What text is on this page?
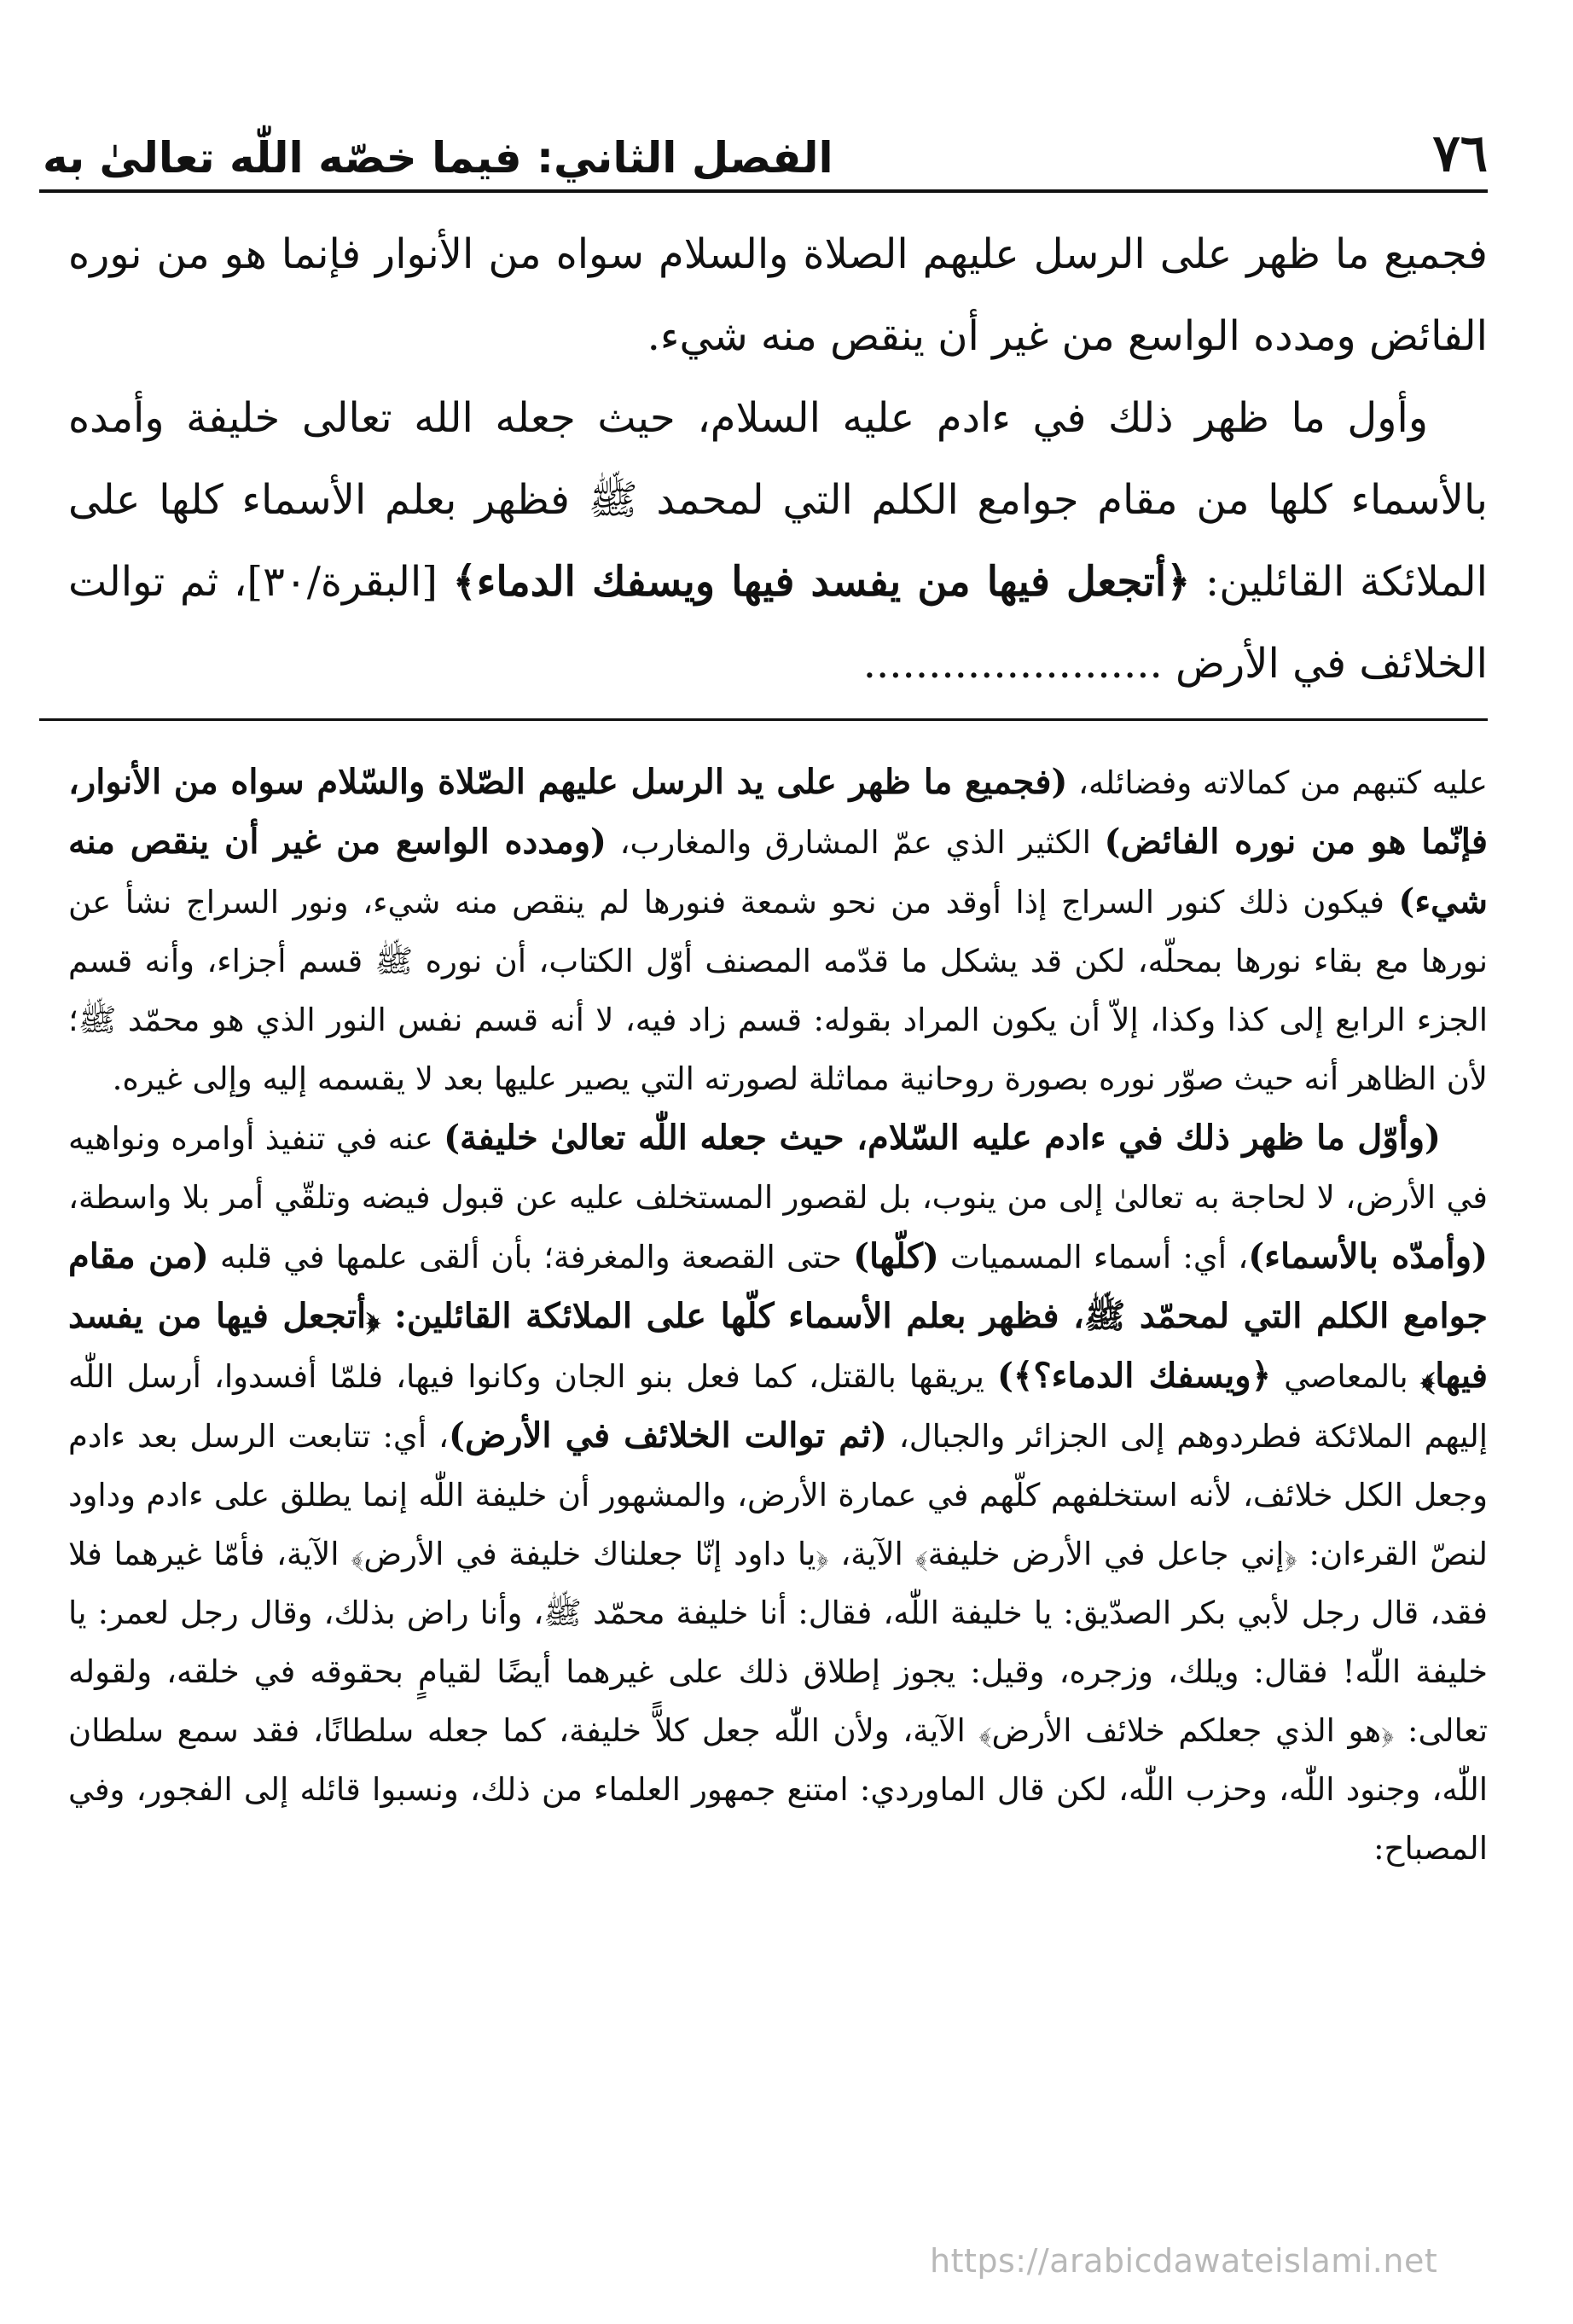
٧٦
الفصل الثاني: فيما خصّه اللّٰه تعالىٰ به

فجميع ما ظهر على الرسل عليهم الصلاة والسلام سواه من الأنوار فإنما هو من نوره الفائض ومدده الواسع من غير أن ينقص منه شيء.

وأول ما ظهر ذلك في ءادم عليه السلام، حيث جعله الله تعالى خليفة وأمده بالأسماء كلها من مقام جوامع الكلم التي لمحمد ﷺ فظهر بعلم الأسماء كلها على الملائكة القائلين: ﴿أتجعل فيها من يفسد فيها ويسفك الدماء﴾ [البقرة/٣٠]، ثم توالت الخلائف في الأرض .......................

عليه كتبهم من كمالاته وفضائله، (فجميع ما ظهر على يد الرسل عليهم الصّلاة والسّلام سواه من الأنوار، فإنّما هو من نوره الفائض) الكثير الذي عمّ المشارق والمغارب، (ومدده الواسع من غير أن ينقص منه شيء) فيكون ذلك كنور السراج إذا أوقد من نحو شمعة فنورها لم ينقص منه شيء، ونور السراج نشأ عن نورها مع بقاء نورها بمحلّه، لكن قد يشكل ما قدّمه المصنف أوّل الكتاب، أن نوره ﷺ قسم أجزاء، وأنه قسم الجزء الرابع إلى كذا وكذا، إلاّ أن يكون المراد بقوله: قسم زاد فيه، لا أنه قسم نفس النور الذي هو محمّد ﷺ؛ لأن الظاهر أنه حيث صوّر نوره بصورة روحانية مماثلة لصورته التي يصير عليها بعد لا يقسمه إليه وإلى غيره.

(وأوّل ما ظهر ذلك في ءادم عليه السّلام، حيث جعله اللّٰه تعالىٰ خليفة) عنه في تنفيذ أوامره ونواهيه في الأرض، لا لحاجة به تعالىٰ إلى من ينوب، بل لقصور المستخلف عليه عن قبول فيضه وتلقّي أمر بلا واسطة، (وأمدّه بالأسماء)، أي: أسماء المسميات (كلّها) حتى القصعة والمغرفة؛ بأن ألقى علمها في قلبه (من مقام جوامع الكلم التي لمحمّد ﷺ، فظهر بعلم الأسماء كلّها على الملائكة القائلين: ﴿أتجعل فيها من يفسد فيها﴾ بالمعاصي ﴿ويسفك الدماء؟﴾) يريقها بالقتل، كما فعل بنو الجان وكانوا فيها، فلمّا أفسدوا، أرسل اللّٰه إليهم الملائكة فطردوهم إلى الجزائر والجبال، (ثم توالت الخلائف في الأرض)، أي: تتابعت الرسل بعد ءادم وجعل الكل خلائف، لأنه استخلفهم كلّهم في عمارة الأرض، والمشهور أن خليفة اللّٰه إنما يطلق على ءادم وداود لنصّ القرءان: ﴿إني جاعل في الأرض خليفة﴾ الآية، ﴿يا داود إنّا جعلناك خليفة في الأرض﴾ الآية، فأمّا غيرهما فلا فقد، قال رجل لأبي بكر الصدّيق: يا خليفة اللّٰه، فقال: أنا خليفة محمّد ﷺ، وأنا راض بذلك، وقال رجل لعمر: يا خليفة اللّٰه! فقال: ويلك، وزجره، وقيل: يجوز إطلاق ذلك على غيرهما أيضًا لقيامٍ بحقوقه في خلقه، ولقوله تعالى: ﴿هو الذي جعلكم خلائف الأرض﴾ الآية، ولأن اللّٰه جعل كلاًّ خليفة، كما جعله سلطانًا، فقد سمع سلطان اللّٰه، وجنود اللّٰه، وحزب اللّٰه، لكن قال الماوردي: امتنع جمهور العلماء من ذلك، ونسبوا قائله إلى الفجور، وفي المصباح:

https://arabicdawateislami.net
